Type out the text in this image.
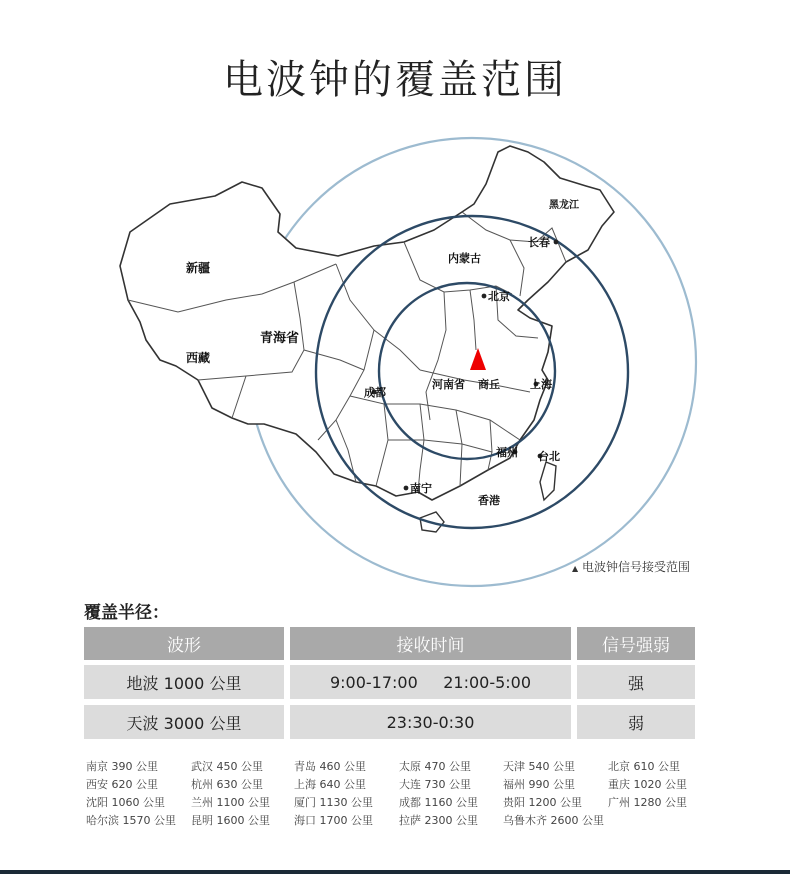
电波钟的覆盖范围
新疆
西藏
青海省
内蒙古
黑龙江
长春
北京
河南省 商丘	上海
成都
福州 台北
南宁
香港
▲ 电波钟信号接受范围
覆盖半径：
波形	接收时间	信号强弱
地波 1000 公里	9:00-17:00     21:00-5:00	强
天波 3000 公里	23:30-0:30	弱
南京 390 公里	武汉 450 公里	青岛 460 公里	太原 470 公里	天津 540 公里	北京 610 公里
西安 620 公里	杭州 630 公里	上海 640 公里	大连 730 公里	福州 990 公里	重庆 1020 公里
沈阳 1060 公里 兰州 1100 公里 厦门 1130 公里 成都 1160 公里 贵阳 1200 公里 广州 1280 公里
哈尔滨 1570 公里 昆明 1600 公里 海口 1700 公里 拉萨 2300 公里 乌鲁木齐 2600 公里
